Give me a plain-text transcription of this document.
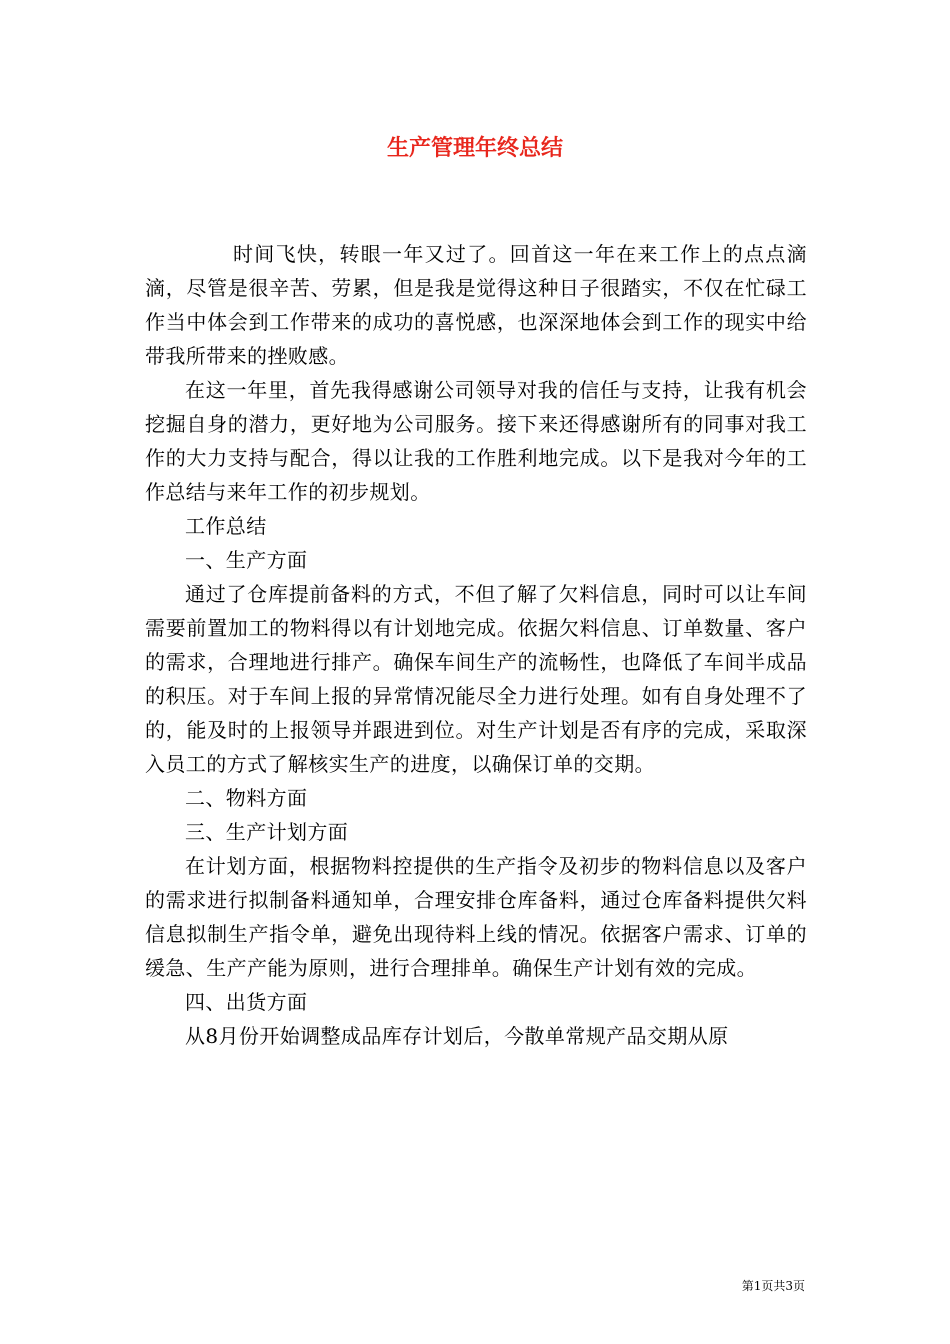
生产管理年终总结

时间飞快，转眼一年又过了。回首这一年在来工作上的点点滴滴，尽管是很辛苦、劳累，但是我是觉得这种日子很踏实，不仅在忙碌工作当中体会到工作带来的成功的喜悦感，也深深地体会到工作的现实中给带我所带来的挫败感。

在这一年里，首先我得感谢公司领导对我的信任与支持，让我有机会挖掘自身的潜力，更好地为公司服务。接下来还得感谢所有的同事对我工作的大力支持与配合，得以让我的工作胜利地完成。以下是我对今年的工作总结与来年工作的初步规划。

工作总结

一、生产方面

通过了仓库提前备料的方式，不但了解了欠料信息，同时可以让车间需要前置加工的物料得以有计划地完成。依据欠料信息、订单数量、客户的需求，合理地进行排产。确保车间生产的流畅性，也降低了车间半成品的积压。对于车间上报的异常情况能尽全力进行处理。如有自身处理不了的，能及时的上报领导并跟进到位。对生产计划是否有序的完成，采取深入员工的方式了解核实生产的进度，以确保订单的交期。

二、物料方面

三、生产计划方面

在计划方面，根据物料控提供的生产指令及初步的物料信息以及客户的需求进行拟制备料通知单，合理安排仓库备料，通过仓库备料提供欠料信息拟制生产指令单，避免出现待料上线的情况。依据客户需求、订单的缓急、生产产能为原则，进行合理排单。确保生产计划有效的完成。

四、出货方面

从8月份开始调整成品库存计划后，今散单常规产品交期从原

第1页共3页
